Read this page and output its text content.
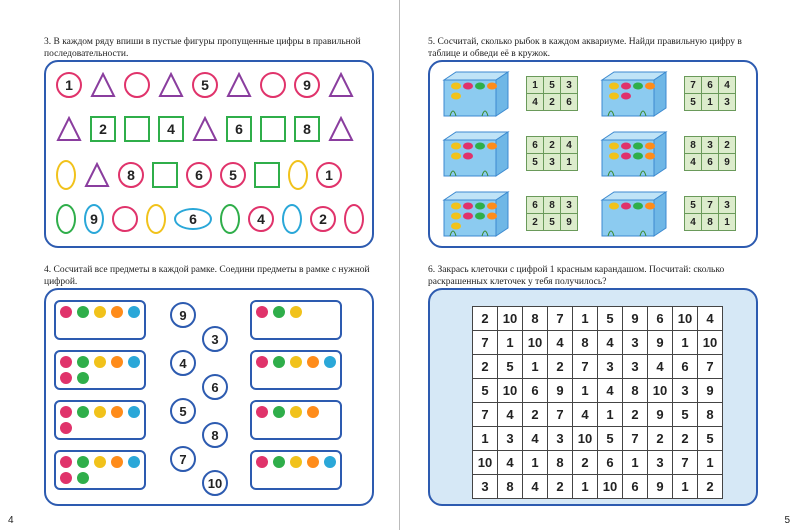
3. В каждом ряду впиши в пустые фигуры пропущенные цифры в правильной последовательности.
1	5	9
2	4	6	8
8	6 5	1
9	6	4	2
4. Сосчитай все предметы в каждой рамке. Соедини предметы в рамке с нужной цифрой.
9
3
4
6
5
8
7
10
5. Сосчитай, сколько рыбок в каждом аквариуме. Найди правильную цифру в таблице и обведи её в кружок.
1	5	3
4	2	6
7	6	4
5	1	3
6	2	4
5	3	1
8	3	2
4	6	9
6	8	3
2	5	9
5	7	3
4	8	1
6. Закрась клеточки с цифрой 1 красным карандашом. Посчитай: сколько раскрашенных клеточек у тебя получилось?
2	10	8	7	1	5	9	6	10	4
7	1	10	4	8	4	3	9	1	10
2	5	1	2	7	3	3	4	6	7
5	10	6	9	1	4	8	10	3	9
7	4	2	7	4	1	2	9	5	8
1	3	4	3	10	5	7	2	2	5
10	4	1	8	2	6	1	3	7	1
3	8	4	2	1	10	6	9	1	2
4	5
